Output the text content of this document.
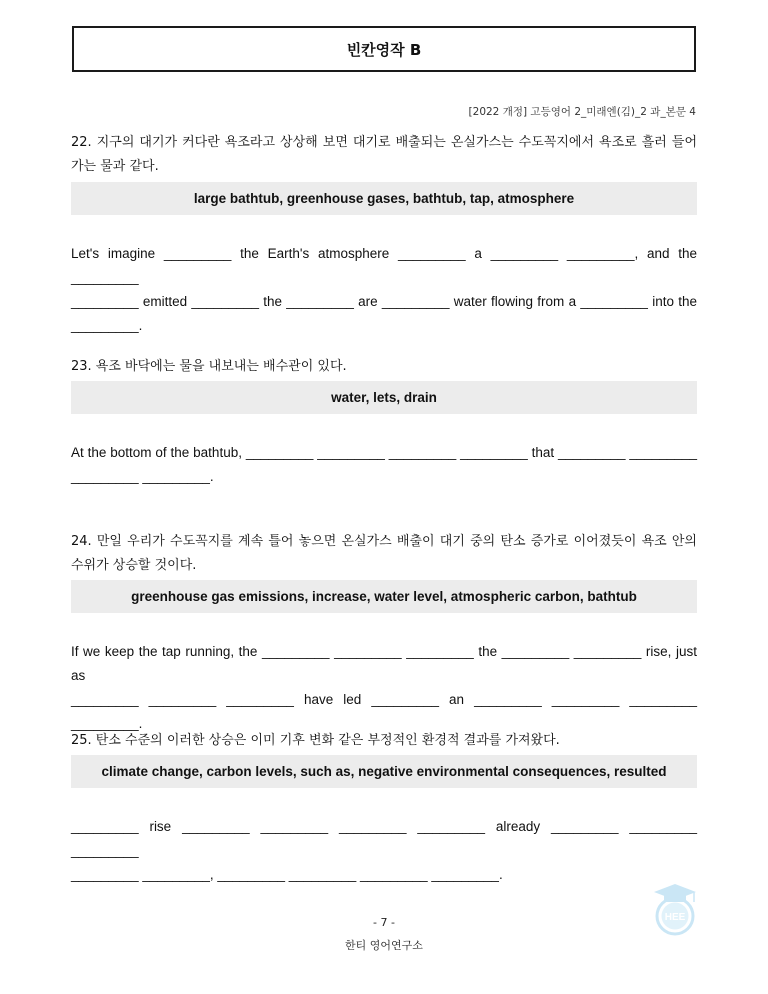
빈칸영작 B
[2022 개정] 고등영어 2_미래엔(김)_2 과_본문 4
22. 지구의 대기가 커다란 욕조라고 상상해 보면 대기로 배출되는 온실가스는 수도꼭지에서 욕조로 흘러 들어가는 물과 같다.
large bathtub, greenhouse gases, bathtub, tap, atmosphere
Let's imagine _________ the Earth's atmosphere _________ a _________ _________, and the _________
_________ emitted _________ the _________ are _________ water flowing from a _________ into the
_________.
23. 욕조 바닥에는 물을 내보내는 배수관이 있다.
water, lets, drain
At the bottom of the bathtub, _________ _________ _________ _________ that _________ _________
_________ _________.
24. 만일 우리가 수도꼭지를 계속 틀어 놓으면 온실가스 배출이 대기 중의 탄소 증가로 이어졌듯이 욕조 안의 수위가 상승할 것이다.
greenhouse gas emissions, increase, water level, atmospheric carbon, bathtub
If we keep the tap running, the _________ _________ _________ the _________ _________ rise, just as
_________ _________ _________ have led _________ an _________ _________ _________ _________.
25. 탄소 수준의 이러한 상승은 이미 기후 변화 같은 부정적인 환경적 결과를 가져왔다.
climate change, carbon levels, such as, negative environmental consequences, resulted
_________ rise _________ _________ _________ _________ already _________ _________ _________
_________ _________, _________ _________ _________ _________.
- 7 -
한티 영어연구소
HEE
